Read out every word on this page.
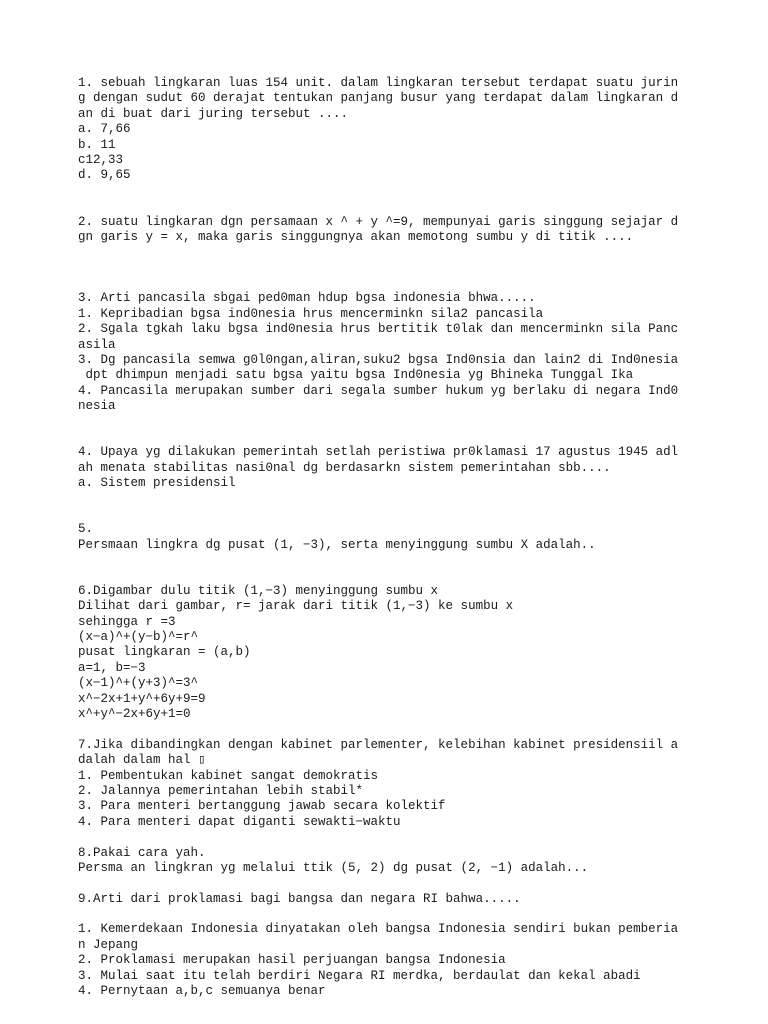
1. sebuah lingkaran luas 154 unit. dalam lingkaran tersebut terdapat suatu jurin
g dengan sudut 60 derajat tentukan panjang busur yang terdapat dalam lingkaran d
an di buat dari juring tersebut ....
a. 7,66
b. 11
c12,33
d. 9,65
2. suatu lingkaran dgn persamaan x ^ + y ^=9, mempunyai garis singgung sejajar d
gn garis y = x, maka garis singgungnya akan memotong sumbu y di titik ....
3. Arti pancasila sbgai ped0man hdup bgsa indonesia bhwa.....
1. Kepribadian bgsa ind0nesia hrus mencerminkn sila2 pancasila
2. Sgala tgkah laku bgsa ind0nesia hrus bertitik t0lak dan mencerminkn sila Panc
asila
3. Dg pancasila semwa g0l0ngan,aliran,suku2 bgsa Ind0nsia dan lain2 di Ind0nesia
dpt dhimpun menjadi satu bgsa yaitu bgsa Ind0nesia yg Bhineka Tunggal Ika
4. Pancasila merupakan sumber dari segala sumber hukum yg berlaku di negara Ind0
nesia
4. Upaya yg dilakukan pemerintah setlah peristiwa pr0klamasi 17 agustus 1945 adl
ah menata stabilitas nasi0nal dg berdasarkn sistem pemerintahan sbb....
a. Sistem presidensil
5.
Persmaan lingkra dg pusat (1, −3), serta menyinggung sumbu X adalah..
6.Digambar dulu titik (1,−3) menyinggung sumbu x
Dilihat dari gambar, r= jarak dari titik (1,−3) ke sumbu x
sehingga r =3
(x−a)^+(y−b)^=r^
pusat lingkaran = (a,b)
a=1, b=−3
(x−1)^+(y+3)^=3^
x^−2x+1+y^+6y+9=9
x^+y^−2x+6y+1=0
7.Jika dibandingkan dengan kabinet parlementer, kelebihan kabinet presidensiil a
dalah dalam hal ▯
1. Pembentukan kabinet sangat demokratis
2. Jalannya pemerintahan lebih stabil*
3. Para menteri bertanggung jawab secara kolektif
4. Para menteri dapat diganti sewakti−waktu
8.Pakai cara yah.
Persma an lingkran yg melalui ttik (5, 2) dg pusat (2, −1) adalah...
9.Arti dari proklamasi bagi bangsa dan negara RI bahwa.....
1. Kemerdekaan Indonesia dinyatakan oleh bangsa Indonesia sendiri bukan pemberia
n Jepang
2. Proklamasi merupakan hasil perjuangan bangsa Indonesia
3. Mulai saat itu telah berdiri Negara RI merdka, berdaulat dan kekal abadi
4. Pernytaan a,b,c semuanya benar
